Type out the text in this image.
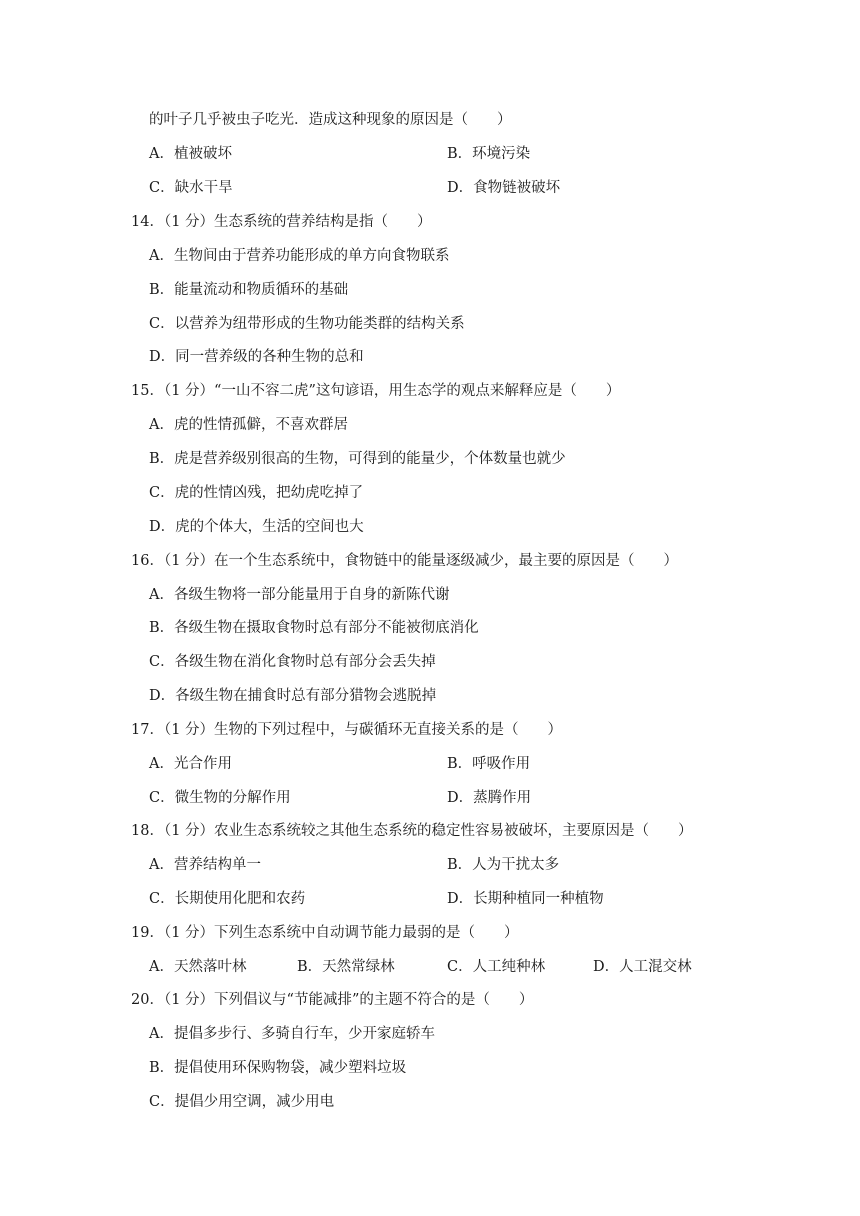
的叶子几乎被虫子吃光．造成这种现象的原因是（　　）
A．植被破坏	B．环境污染
C．缺水干旱	D．食物链被破坏
14．（1 分）生态系统的营养结构是指（　　）
A．生物间由于营养功能形成的单方向食物联系
B．能量流动和物质循环的基础
C．以营养为纽带形成的生物功能类群的结构关系
D．同一营养级的各种生物的总和
15．（1 分）“一山不容二虎”这句谚语，用生态学的观点来解释应是（　　）
A．虎的性情孤僻，不喜欢群居
B．虎是营养级别很高的生物，可得到的能量少，个体数量也就少
C．虎的性情凶残，把幼虎吃掉了
D．虎的个体大，生活的空间也大
16．（1 分）在一个生态系统中，食物链中的能量逐级减少，最主要的原因是（　　）
A．各级生物将一部分能量用于自身的新陈代谢
B．各级生物在摄取食物时总有部分不能被彻底消化
C．各级生物在消化食物时总有部分会丢失掉
D．各级生物在捕食时总有部分猎物会逃脱掉
17．（1 分）生物的下列过程中，与碳循环无直接关系的是（　　）
A．光合作用	B．呼吸作用
C．微生物的分解作用	D．蒸腾作用
18．（1 分）农业生态系统较之其他生态系统的稳定性容易被破坏，主要原因是（　　）
A．营养结构单一	B．人为干扰太多
C．长期使用化肥和农药	D．长期种植同一种植物
19．（1 分）下列生态系统中自动调节能力最弱的是（　　）
A．天然落叶林	B．天然常绿林	C．人工纯种林	D．人工混交林
20．（1 分）下列倡议与“节能减排”的主题不符合的是（　　）
A．提倡多步行、多骑自行车，少开家庭轿车
B．提倡使用环保购物袋，减少塑料垃圾
C．提倡少用空调，减少用电
